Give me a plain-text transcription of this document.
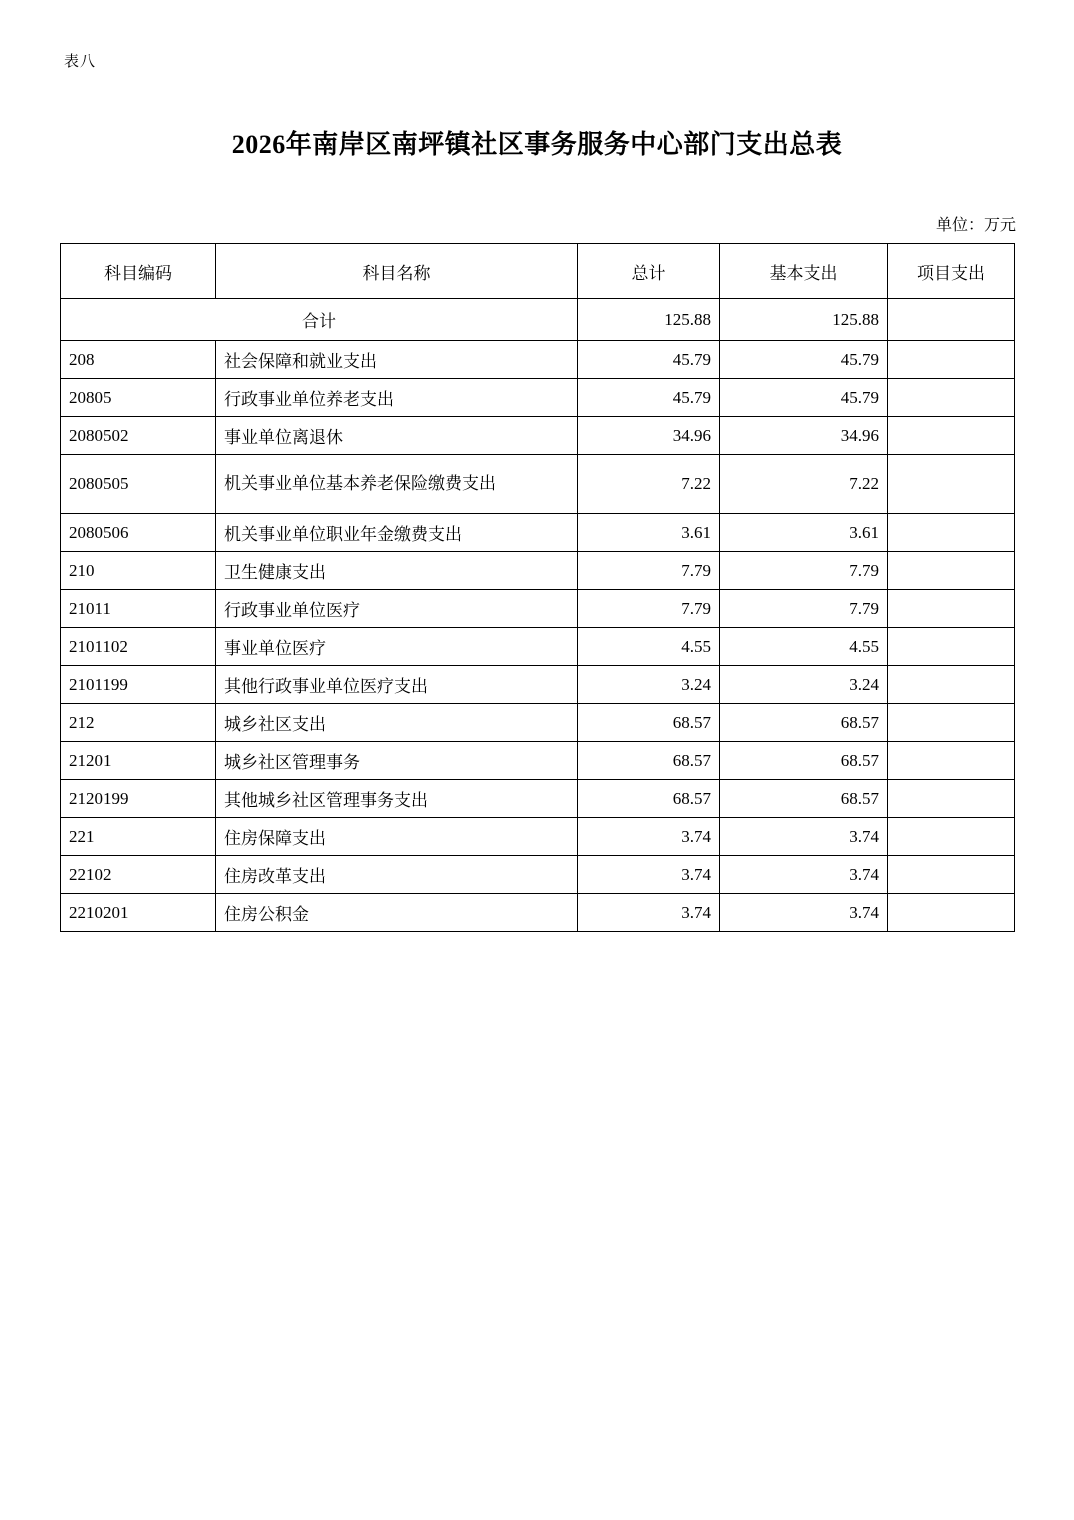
表八
2026年南岸区南坪镇社区事务服务中心部门支出总表
单位：万元
科目编码	科目名称	总计	基本支出	项目支出
合计		125.88	125.88	
208	社会保障和就业支出	45.79	45.79	
20805	行政事业单位养老支出	45.79	45.79	
2080502	事业单位离退休	34.96	34.96	
2080505	机关事业单位基本养老保险缴费支出	7.22	7.22	
2080506	机关事业单位职业年金缴费支出	3.61	3.61	
210	卫生健康支出	7.79	7.79	
21011	行政事业单位医疗	7.79	7.79	
2101102	事业单位医疗	4.55	4.55	
2101199	其他行政事业单位医疗支出	3.24	3.24	
212	城乡社区支出	68.57	68.57	
21201	城乡社区管理事务	68.57	68.57	
2120199	其他城乡社区管理事务支出	68.57	68.57	
221	住房保障支出	3.74	3.74	
22102	住房改革支出	3.74	3.74	
2210201	住房公积金	3.74	3.74	
